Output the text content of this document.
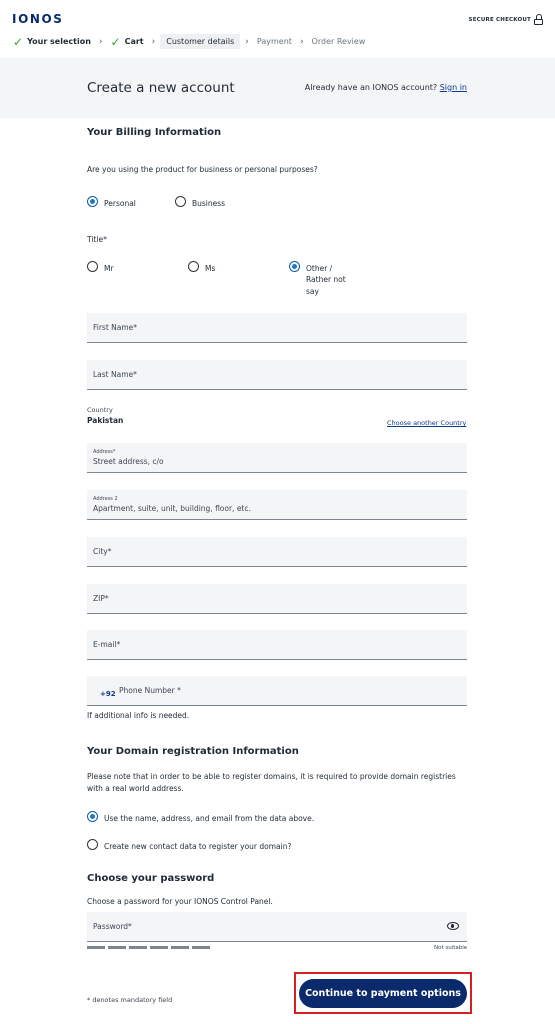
IONOS	SECURE CHECKOUT
✓ Your selection › ✓ Cart › Customer details › Payment › Order Review
Create a new account	Already have an IONOS account? Sign in
Your Billing Information
Are you using the product for business or personal purposes?
Personal	Business
Title*
Mr	Ms	Other /
Rather not
say
First Name*
Last Name*
Country
Pakistan	Choose another Country
Address*
Street address, c/o
Address 2
Apartment, suite, unit, building, floor, etc.
City*
ZIP*
E-mail*
+92 Phone Number *
If additional info is needed.
Your Domain registration Information
Please note that in order to be able to register domains, it is required to provide domain registries
with a real world address.
Use the name, address, and email from the data above.
Create new contact data to register your domain?
Choose your password
Choose a password for your IONOS Control Panel.
Password*
Not suitable
* denotes mandatory field
Continue to payment options
